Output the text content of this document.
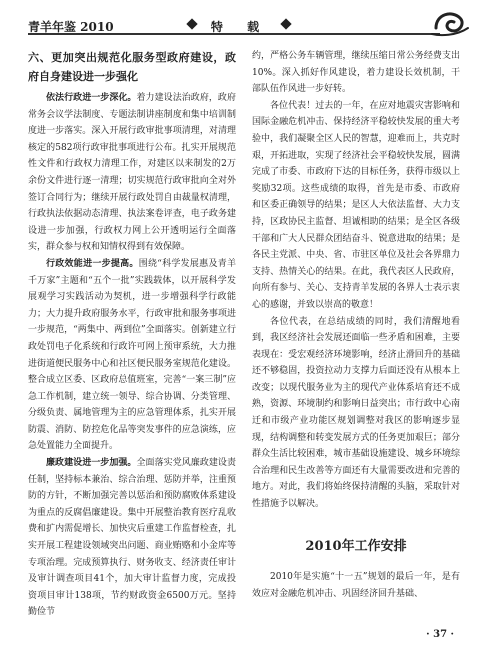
青羊年鉴 2010	特 载
六、更加突出规范化服务型政府建设，政府自身建设进一步强化

依法行政进一步深化。着力建设法治政府，政府常务会议学法制度、专题法制讲座制度和集中培训制度进一步落实。深入开展行政审批事项清理，对清理核定的582项行政审批事项进行公布。扎实开展规范性文件和行政权力清理工作，对建区以来制发的2万余份文件进行逐一清理；切实规范行政审批向全对外签订合同行为；继续开展行政处罚自由裁量权清理，行政执法依据动态清理、执法案卷评查，电子政务建设进一步加强，行政权力网上公开透明运行全面落实，群众参与权和知情权得到有效保障。

行政效能进一步提高。围绕“科学发展惠及青羊千万家”主题和“五个一批”实践载体，以开展科学发展观学习实践活动为契机，进一步增强科学行政能力；大力提升政府服务水平，行政审批和服务事项进一步规范，“两集中、两到位”全面落实。创新建立行政处罚电子化系统和行政许可网上预审系统，大力推进街道便民服务中心和社区便民服务室规范化建设。整合成立区委、区政府总值班室，完善“一案三制”应急工作机制，建立统一领导、综合协调、分类管理、分级负责、属地管理为主的应急管理体系，扎实开展防震、消防、防控危化品等突发事件的应急演练，应急处置能力全面提升。

廉政建设进一步加强。全面落实党风廉政建设责任制，坚持标本兼治、综合治理、惩防并举，注重预防的方针，不断加强完善以惩治和预防腐败体系建设为重点的反腐倡廉建设。集中开展整治教育医疗乱收费和扩内需促增长、加快灾后重建工作监督检查，扎实开展工程建设领域突出问题、商业贿赂和小金库等专项治理。完成预算执行、财务收支、经济责任审计及审计调查项目41个，加大审计监督力度，完成投资项目审计138项，节约财政资金6500万元。坚持勤俭节

约，严格公务车辆管理，继续压缩日常公务经费支出10%。深入抓好作风建设，着力建设长效机制，干部队伍作风进一步好转。

各位代表！过去的一年，在应对地震灾害影响和国际金融危机冲击、保持经济平稳较快发展的重大考验中，我们凝聚全区人民的智慧，迎难而上，共克时艰，开拓进取，实现了经济社会平稳较快发展，圆满完成了市委、市政府下达的目标任务，获得市级以上奖励32项。这些成绩的取得，首先是市委、市政府和区委正确领导的结果；是区人大依法监督、大力支持，区政协民主监督、坦诚相助的结果；是全区各级干部和广大人民群众团结奋斗、锐意进取的结果；是各民主党派、中央、省、市驻区单位及社会各界鼎力支持、热情关心的结果。在此，我代表区人民政府，向所有参与、关心、支持青羊发展的各界人士表示衷心的感谢，并致以崇高的敬意！

各位代表，在总结成绩的同时，我们清醒地看到，我区经济社会发展还面临一些矛盾和困难，主要表现在：受宏观经济环境影响，经济止滑回升的基础还不够稳固，投资拉动力支撑力后面还没有从根本上改变；以现代服务业为主的现代产业体系培育还不成熟，资源、环境制约和影响日益突出；市行政中心南迁和市级产业功能区规划调整对我区的影响逐步显现，结构调整和转变发展方式的任务更加艰巨；部分群众生活比较困难，城市基础设施建设、城乡环境综合治理和民生改善等方面还有大量需要改进和完善的地方。对此，我们将始终保持清醒的头脑，采取针对性措施予以解决。

2010年工作安排

2010年是实施“十一五”规划的最后一年，是有效应对金融危机冲击、巩固经济回升基础、

· 37 ·
